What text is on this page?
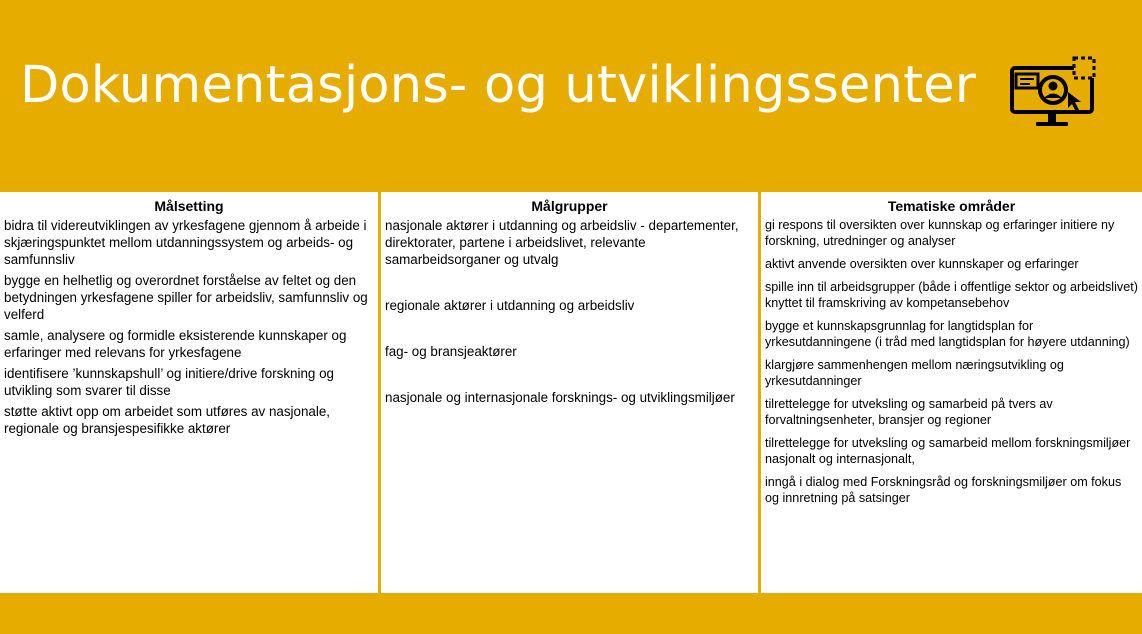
Dokumentasjons- og utviklingssenter
Målsetting
bidra til videreutviklingen av yrkesfagene gjennom å arbeide i skjæringspunktet mellom utdanningssystem og arbeids- og samfunnsliv
bygge en helhetlig og overordnet forståelse av feltet og den betydningen yrkesfagene spiller for arbeidsliv, samfunnsliv og velferd
samle, analysere og formidle eksisterende kunnskaper og erfaringer med relevans for yrkesfagene
identifisere ’kunnskapshull’ og initiere/drive forskning og utvikling som svarer til disse
støtte aktivt opp om arbeidet som utføres av nasjonale, regionale og bransjespesifikke aktører
Målgrupper
nasjonale aktører i utdanning og arbeidsliv - departementer, direktorater, partene i arbeidslivet, relevante samarbeidsorganer og utvalg
regionale aktører i utdanning og arbeidsliv
fag- og bransjeaktører
nasjonale og internasjonale forsknings- og utviklingsmiljøer
Tematiske områder
gi respons til oversikten over kunnskap og erfaringer initiere ny forskning, utredninger og analyser
aktivt anvende oversikten over kunnskaper og erfaringer
spille inn til arbeidsgrupper (både i offentlige sektor og arbeidslivet) knyttet til framskriving av kompetansebehov
bygge et kunnskapsgrunnlag for langtidsplan for yrkesutdanningene (i tråd med langtidsplan for høyere utdanning)
klargjøre sammenhengen mellom næringsutvikling og yrkesutdanninger
tilrettelegge for utveksling og samarbeid på tvers av forvaltningsenheter, bransjer og regioner
tilrettelegge for utveksling og samarbeid mellom forskningsmiljøer nasjonalt og internasjonalt,
inngå i dialog med Forskningsråd og forskningsmiljøer om fokus og innretning på satsinger
